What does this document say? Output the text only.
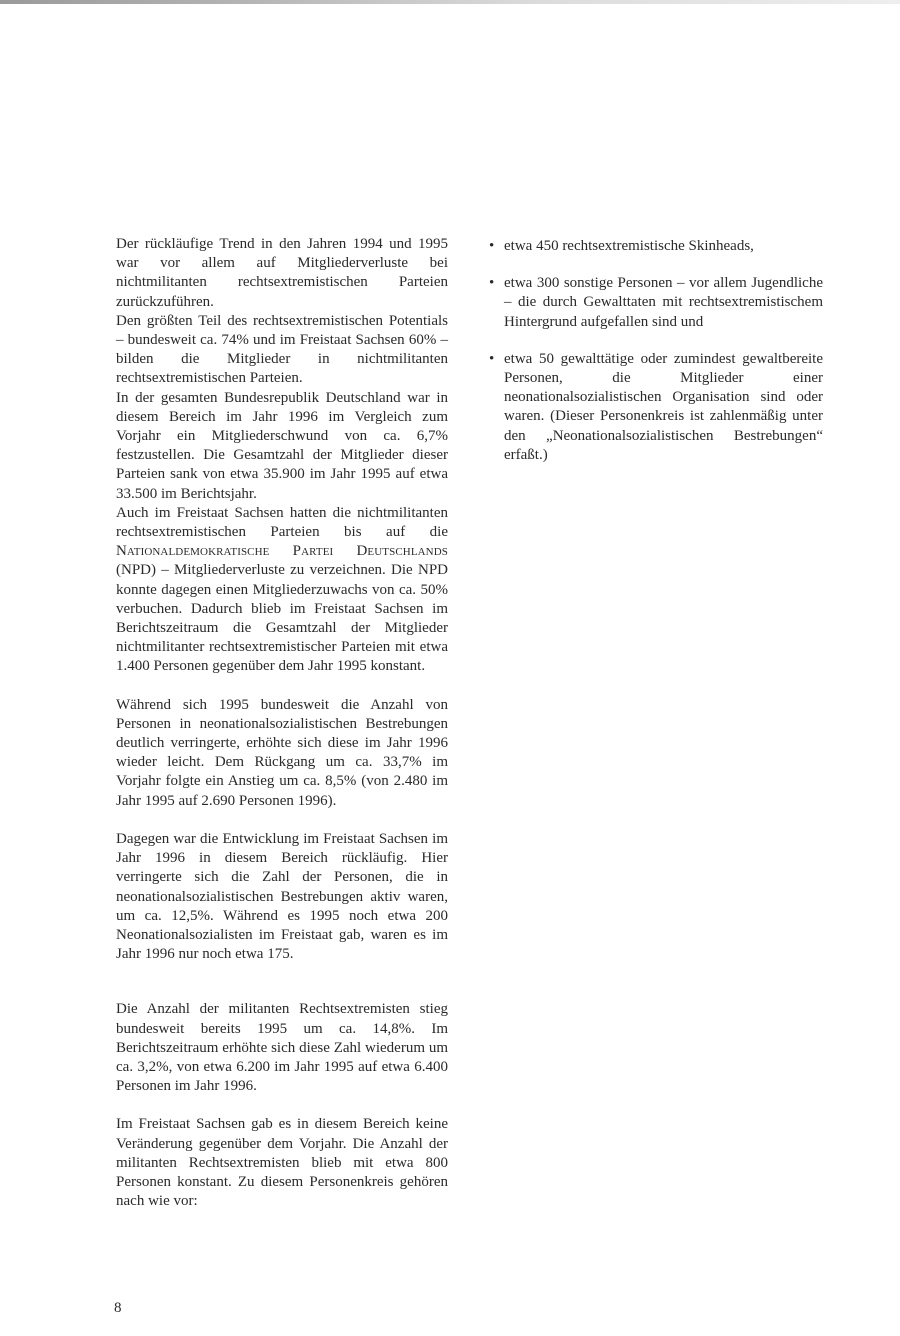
Der rückläufige Trend in den Jahren 1994 und 1995 war vor allem auf Mitgliederverluste bei nichtmilitanten rechtsextremistischen Parteien zurückzuführen.

Den größten Teil des rechtsextremistischen Potentials – bundesweit ca. 74% und im Freistaat Sachsen 60% – bilden die Mitglieder in nichtmilitanten rechtsextremistischen Parteien.

In der gesamten Bundesrepublik Deutschland war in diesem Bereich im Jahr 1996 im Vergleich zum Vorjahr ein Mitgliederschwund von ca. 6,7% festzustellen. Die Gesamtzahl der Mitglieder dieser Parteien sank von etwa 35.900 im Jahr 1995 auf etwa 33.500 im Berichtsjahr.

Auch im Freistaat Sachsen hatten die nichtmilitanten rechtsextremistischen Parteien bis auf die Nationaldemokratische Partei Deutschlands (NPD) – Mitgliederverluste zu verzeichnen. Die NPD konnte dagegen einen Mitgliederzuwachs von ca. 50% verbuchen. Dadurch blieb im Freistaat Sachsen im Berichtszeitraum die Gesamtzahl der Mitglieder nichtmilitanter rechtsextremistischer Parteien mit etwa 1.400 Personen gegenüber dem Jahr 1995 konstant.

Während sich 1995 bundesweit die Anzahl von Personen in neonationalsozialistischen Bestrebungen deutlich verringerte, erhöhte sich diese im Jahr 1996 wieder leicht. Dem Rückgang um ca. 33,7% im Vorjahr folgte ein Anstieg um ca. 8,5% (von 2.480 im Jahr 1995 auf 2.690 Personen 1996).

Dagegen war die Entwicklung im Freistaat Sachsen im Jahr 1996 in diesem Bereich rückläufig. Hier verringerte sich die Zahl der Personen, die in neonationalsozialistischen Bestrebungen aktiv waren, um ca. 12,5%. Während es 1995 noch etwa 200 Neonationalsozialisten im Freistaat gab, waren es im Jahr 1996 nur noch etwa 175.

Die Anzahl der militanten Rechtsextremisten stieg bundesweit bereits 1995 um ca. 14,8%. Im Berichtszeitraum erhöhte sich diese Zahl wiederum um ca. 3,2%, von etwa 6.200 im Jahr 1995 auf etwa 6.400 Personen im Jahr 1996.

Im Freistaat Sachsen gab es in diesem Bereich keine Veränderung gegenüber dem Vorjahr. Die Anzahl der militanten Rechtsextremisten blieb mit etwa 800 Personen konstant. Zu diesem Personenkreis gehören nach wie vor:

• etwa 450 rechtsextremistische Skinheads,
• etwa 300 sonstige Personen – vor allem Jugendliche – die durch Gewalttaten mit rechtsextremistischem Hintergrund aufgefallen sind und
• etwa 50 gewalttätige oder zumindest gewaltbereite Personen, die Mitglieder einer neonationalsozialistischen Organisation sind oder waren. (Dieser Personenkreis ist zahlenmäßig unter den „Neonationalsozialistischen Bestrebungen“ erfaßt.)
8
